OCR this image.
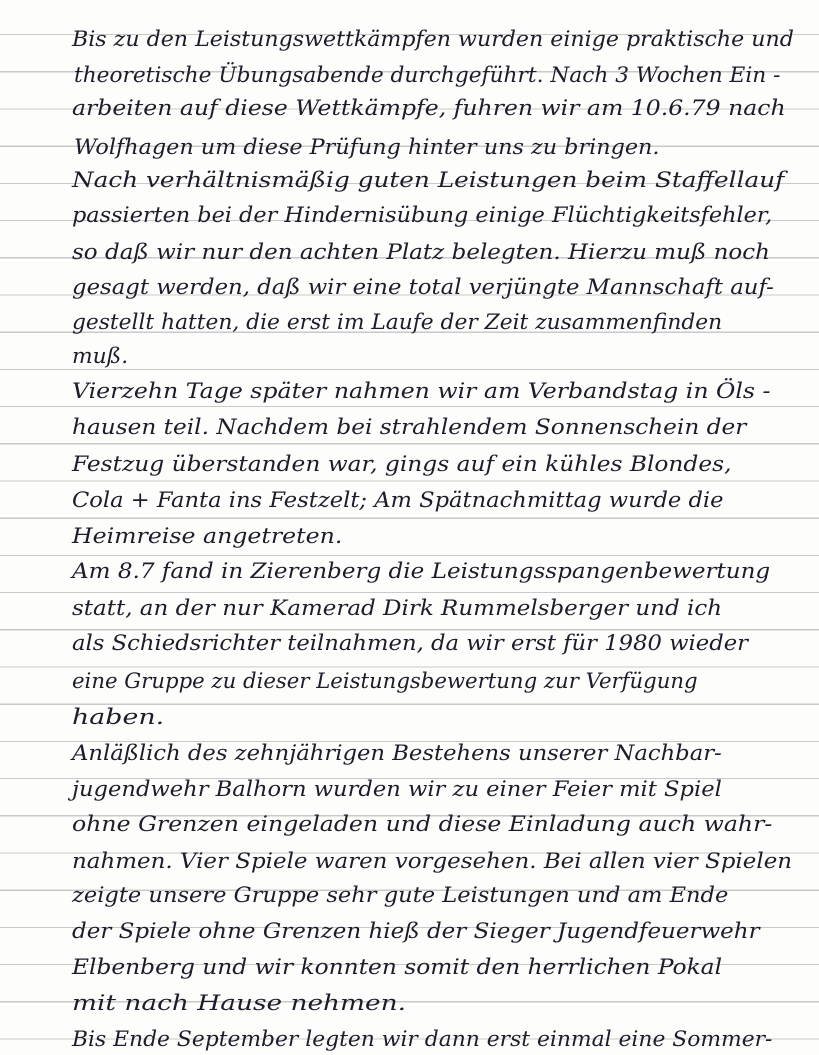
Bis zu den Leistungswettkämpfen wurden einige praktische und
theoretische Übungsabende durchgeführt. Nach 3 Wochen Ein -
arbeiten auf diese Wettkämpfe, fuhren wir am 10.6.79 nach
Wolfhagen um diese Prüfung hinter uns zu bringen.
Nach verhältnismäßig guten Leistungen beim Staffellauf
passierten bei der Hindernisübung einige Flüchtigkeitsfehler,
so daß wir nur den achten Platz belegten. Hierzu muß noch
gesagt werden, daß wir eine total verjüngte Mannschaft auf-
gestellt hatten, die erst im Laufe der Zeit zusammenfinden
muß.
Vierzehn Tage später nahmen wir am Verbandstag in Öls -
hausen teil. Nachdem bei strahlendem Sonnenschein der
Festzug überstanden war, gings auf ein kühles Blondes,
Cola + Fanta ins Festzelt; Am Spätnachmittag wurde die
Heimreise angetreten.
Am 8.7 fand in Zierenberg die Leistungsspangenbewertung
statt, an der nur Kamerad Dirk Rummelsberger und ich
als Schiedsrichter teilnahmen, da wir erst für 1980 wieder
eine Gruppe zu dieser Leistungsbewertung zur Verfügung
haben.
Anläßlich des zehnjährigen Bestehens unserer Nachbar-
jugendwehr Balhorn wurden wir zu einer Feier mit Spiel
ohne Grenzen eingeladen und diese Einladung auch wahr-
nahmen. Vier Spiele waren vorgesehen. Bei allen vier Spielen
zeigte unsere Gruppe sehr gute Leistungen und am Ende
der Spiele ohne Grenzen hieß der Sieger Jugendfeuerwehr
Elbenberg und wir konnten somit den herrlichen Pokal
mit nach Hause nehmen.
Bis Ende September legten wir dann erst einmal eine Sommer-
